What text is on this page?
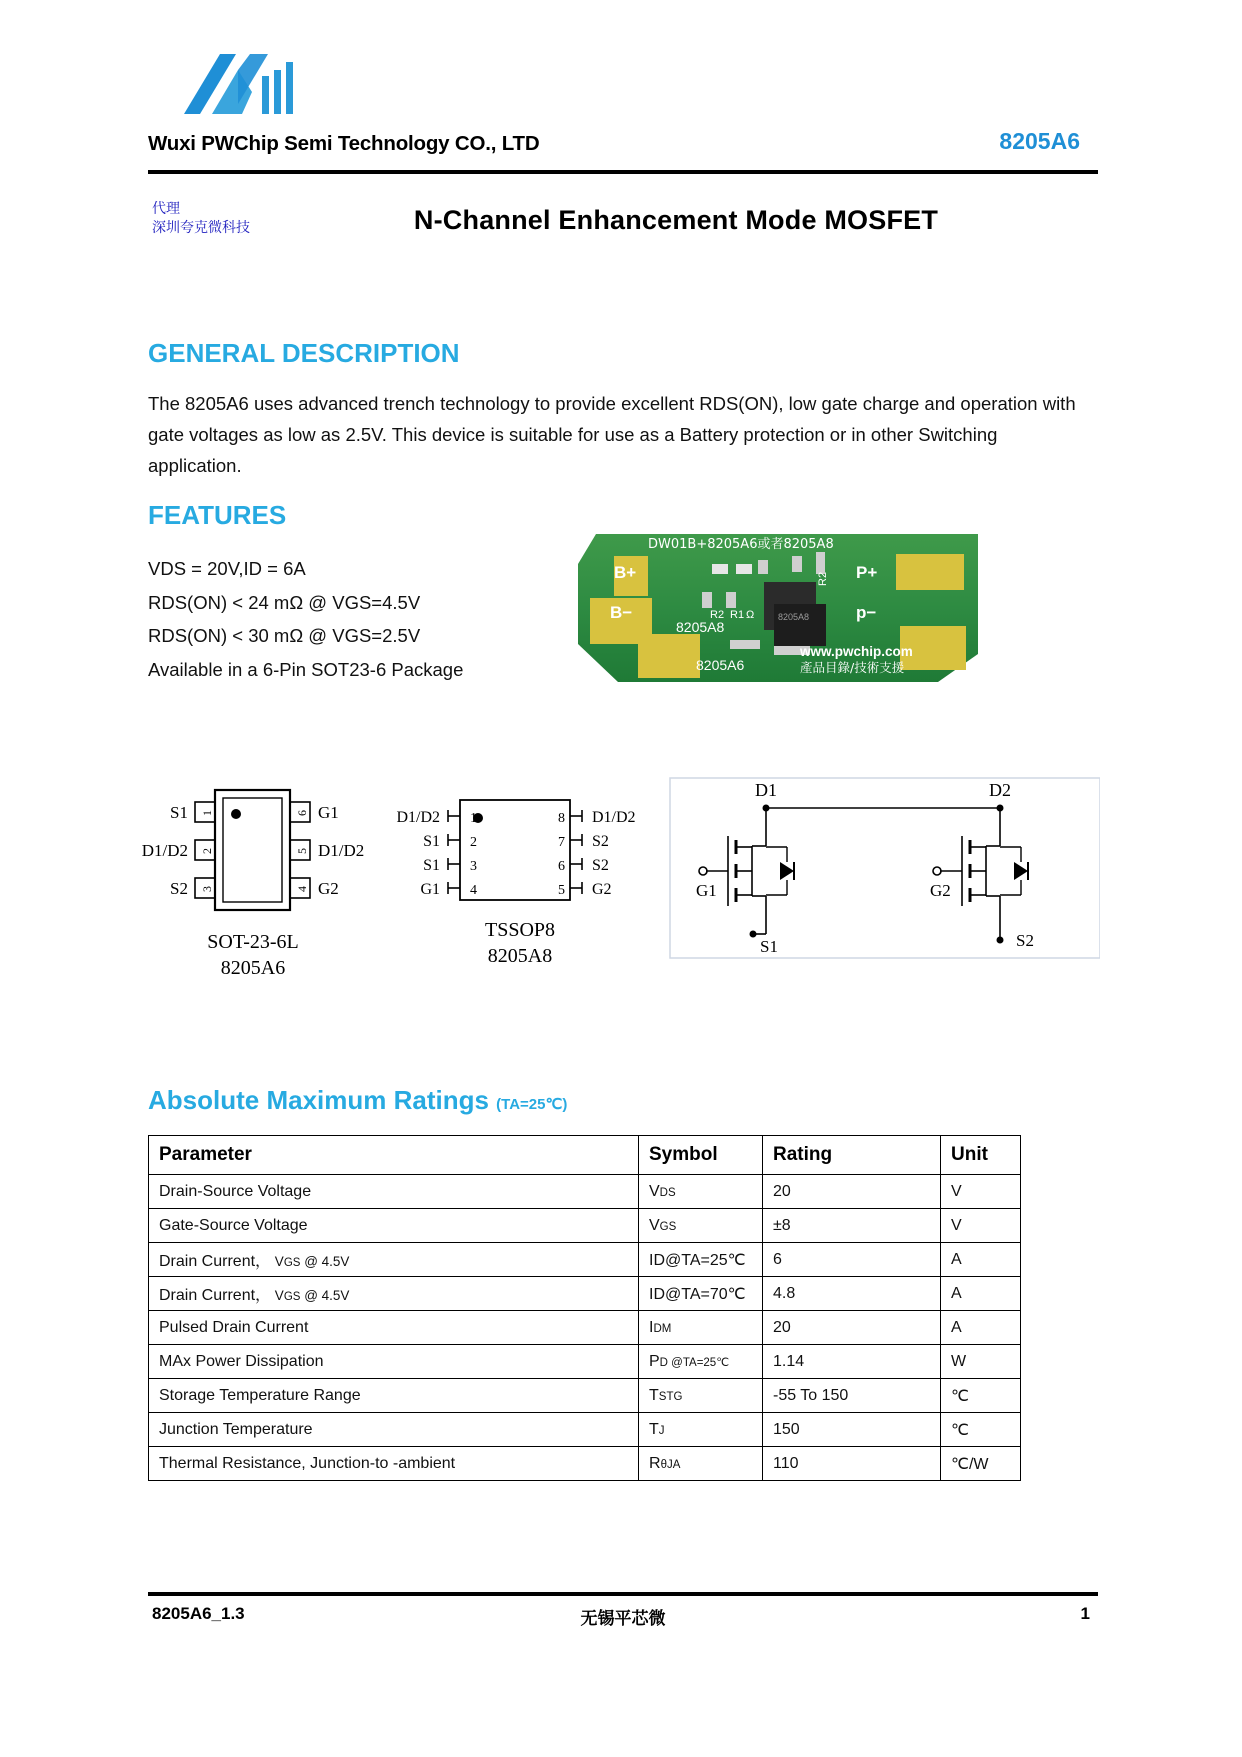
Wuxi PWChip Semi Technology CO., LTD	8205A6
代理
深圳夸克微科技	N-Channel Enhancement Mode MOSFET
GENERAL DESCRIPTION
The 8205A6 uses advanced trench technology to provide excellent RDS(ON), low gate charge and operation with gate voltages as low as 2.5V. This device is suitable for use as a Battery protection or in other Switching application.
FEATURES
VDS = 20V,ID = 6A
RDS(ON) < 24 mΩ @ VGS=4.5V
RDS(ON) < 30 mΩ @ VGS=2.5V
Available in a 6-Pin SOT23-6 Package
DW01B+8205A6或者8205A8
B+
B−
P+
p−
R1
R2 Ω
R2
8205A8
8205A8
8205A6
www.pwchip.com
產品目錄/技術支援
1
2
3
6
5
4
S1
D1/D2
S2
G1
D1/D2
G2
SOT-23-6L
8205A6
1
2
3
4
8
7
6
5
D1/D2
S1
S1
G1
D1/D2
S2
S2
G2
TSSOP8
8205A8
D1	D2
G1
S1
G2
S2
Absolute Maximum Ratings (TA=25℃)
Parameter	Symbol	Rating	Unit
Drain-Source Voltage	VDS	20	V
Gate-Source Voltage	VGS	±8	V
Drain Current， VGS @ 4.5V	ID@TA=25℃	6	A
Drain Current， VGS @ 4.5V	ID@TA=70℃	4.8	A
Pulsed Drain Current	IDM	20	A
MAx Power Dissipation	PD @TA=25℃	1.14	W
Storage Temperature Range	TSTG	-55 To 150	℃
Junction Temperature	TJ	150	℃
Thermal Resistance, Junction-to -ambient	RθJA	110	℃/W
8205A6_1.3	无锡平芯微	1
